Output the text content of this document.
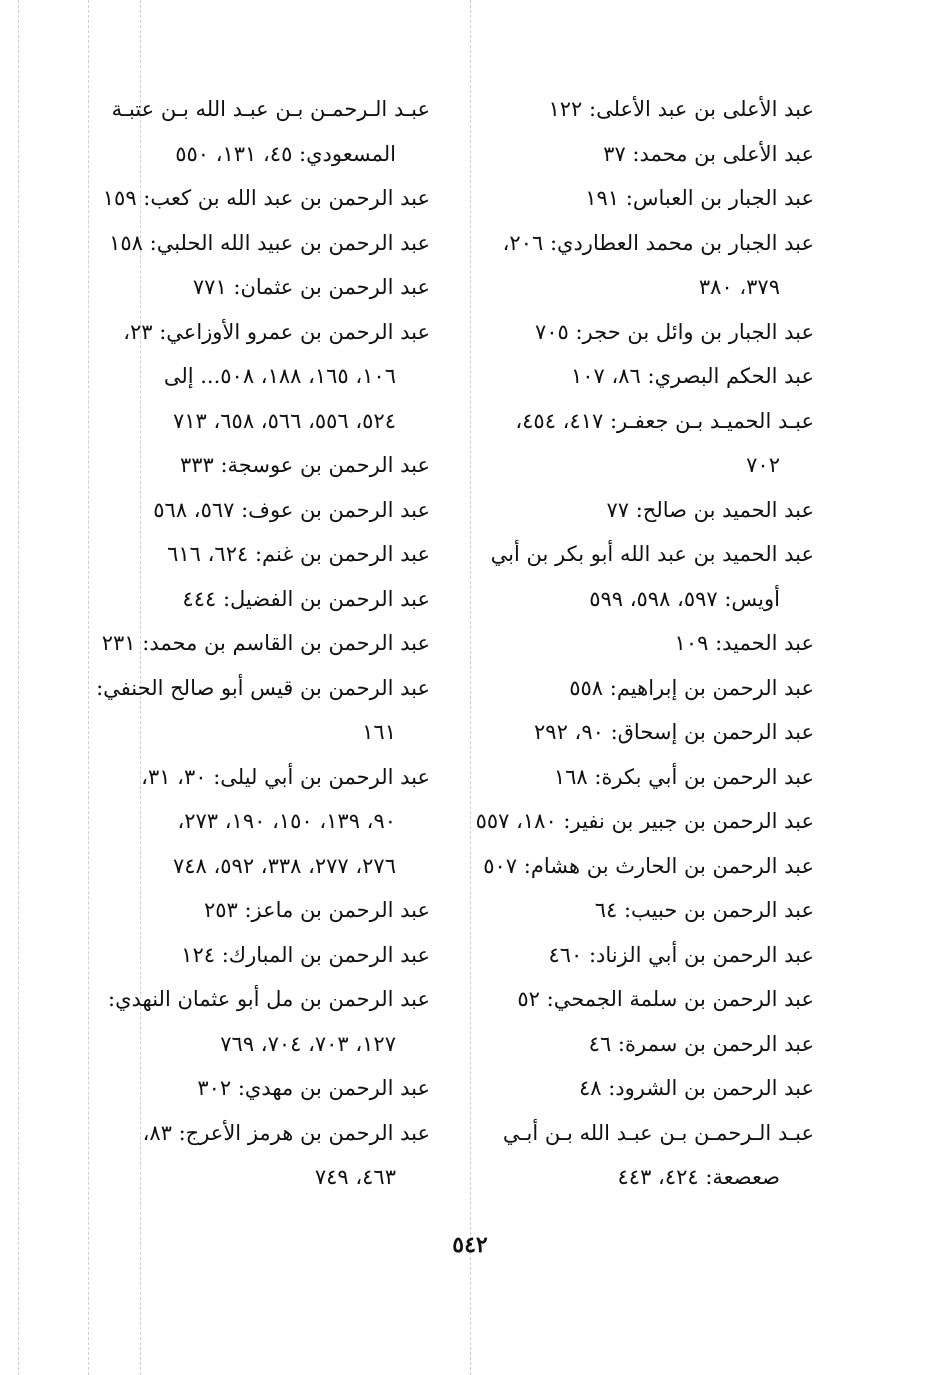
عبد الأعلى بن عبد الأعلى: ١٢٢
عبد الأعلى بن محمد: ٣٧
عبد الجبار بن العباس: ١٩١
عبد الجبار بن محمد العطاردي: ٢٠٦،
٣٧٩، ٣٨٠
عبد الجبار بن وائل بن حجر: ٧٠٥
عبد الحكم البصري: ٨٦، ١٠٧
عبـد الحميـد بـن جعفـر: ٤١٧، ٤٥٤،
٧٠٢
عبد الحميد بن صالح: ٧٧
عبد الحميد بن عبد الله أبو بكر بن أبي
أويس: ٥٩٧، ٥٩٨، ٥٩٩
عبد الحميد: ١٠٩
عبد الرحمن بن إبراهيم: ٥٥٨
عبد الرحمن بن إسحاق: ٩٠، ٢٩٢
عبد الرحمن بن أبي بكرة: ١٦٨
عبد الرحمن بن جبير بن نفير: ١٨٠، ٥٥٧
عبد الرحمن بن الحارث بن هشام: ٥٠٧
عبد الرحمن بن حبيب: ٦٤
عبد الرحمن بن أبي الزناد: ٤٦٠
عبد الرحمن بن سلمة الجمحي: ٥٢
عبد الرحمن بن سمرة: ٤٦
عبد الرحمن بن الشرود: ٤٨
عبـد الـرحمـن بـن عبـد الله بـن أبـي
صعصعة: ٤٢٤، ٤٤٣
عبـد الـرحمـن بـن عبـد الله بـن عتبـة
المسعودي: ٤٥، ١٣١، ٥٥٠
عبد الرحمن بن عبد الله بن كعب: ١٥٩
عبد الرحمن بن عبيد الله الحلبي: ١٥٨
عبد الرحمن بن عثمان: ٧٧١
عبد الرحمن بن عمرو الأوزاعي: ٢٣،
١٠٦، ١٦٥، ١٨٨، ٥٠٨... إلى
٥٢٤، ٥٥٦، ٥٦٦، ٦٥٨، ٧١٣
عبد الرحمن بن عوسجة: ٣٣٣
عبد الرحمن بن عوف: ٥٦٧، ٥٦٨
عبد الرحمن بن غنم: ٦٢٤، ٦١٦
عبد الرحمن بن الفضيل: ٤٤٤
عبد الرحمن بن القاسم بن محمد: ٢٣١
عبد الرحمن بن قيس أبو صالح الحنفي:
١٦١
عبد الرحمن بن أبي ليلى: ٣٠، ٣١،
٩٠، ١٣٩، ١٥٠، ١٩٠، ٢٧٣،
٢٧٦، ٢٧٧، ٣٣٨، ٥٩٢، ٧٤٨
عبد الرحمن بن ماعز: ٢٥٣
عبد الرحمن بن المبارك: ١٢٤
عبد الرحمن بن مل أبو عثمان النهدي:
١٢٧، ٧٠٣، ٧٠٤، ٧٦٩
عبد الرحمن بن مهدي: ٣٠٢
عبد الرحمن بن هرمز الأعرج: ٨٣،
٤٦٣، ٧٤٩
٥٤٢
